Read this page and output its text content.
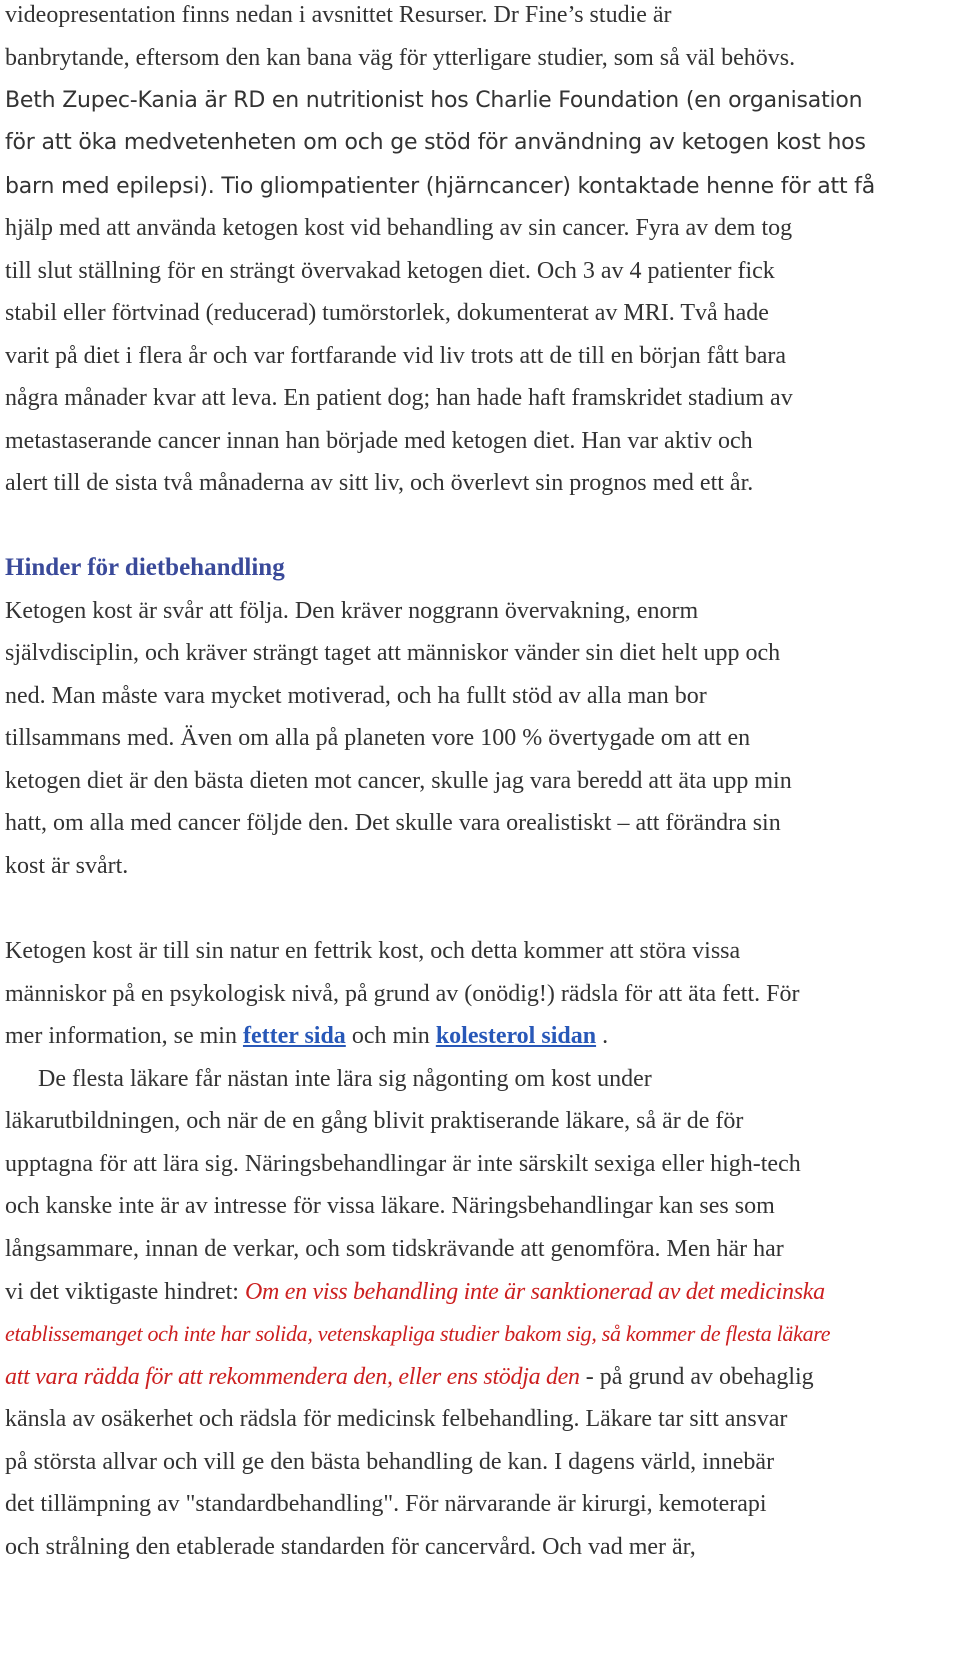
videopresentation finns nedan i avsnittet Resurser. Dr Fine’s studie är
banbrytande, eftersom den kan bana väg för ytterligare studier, som så väl behövs.
Beth Zupec-Kania är RD en nutritionist hos Charlie Foundation (en organisation
för att öka medvetenheten om och ge stöd för användning av ketogen kost hos
barn med epilepsi). Tio gliompatienter (hjärncancer) kontaktade henne för att få
hjälp med att använda ketogen kost vid behandling av sin cancer. Fyra av dem tog
till slut ställning för en strängt övervakad ketogen diet. Och 3 av 4 patienter fick
stabil eller förtvinad (reducerad) tumörstorlek, dokumenterat av MRI. Två hade
varit på diet i flera år och var fortfarande vid liv trots att de till en början fått bara
några månader kvar att leva. En patient dog; han hade haft framskridet stadium av
metastaserande cancer innan han började med ketogen diet. Han var aktiv och
alert till de sista två månaderna av sitt liv, och överlevt sin prognos med ett år.
Hinder för dietbehandling
Ketogen kost är svår att följa. Den kräver noggrann övervakning, enorm
självdisciplin, och kräver strängt taget att människor vänder sin diet helt upp och
ned. Man måste vara mycket motiverad, och ha fullt stöd av alla man bor
tillsammans med. Även om alla på planeten vore 100 % övertygade om att en
ketogen diet är den bästa dieten mot cancer, skulle jag vara beredd att äta upp min
hatt, om alla med cancer följde den. Det skulle vara orealistiskt – att förändra sin
kost är svårt.
Ketogen kost är till sin natur en fettrik kost, och detta kommer att störa vissa
människor på en psykologisk nivå, på grund av (onödig!) rädsla för att äta fett. För
mer information, se min fetter sida och min kolesterol sidan .
De flesta läkare får nästan inte lära sig någonting om kost under
läkarutbildningen, och när de en gång blivit praktiserande läkare, så är de för
upptagna för att lära sig. Näringsbehandlingar är inte särskilt sexiga eller high-tech
och kanske inte är av intresse för vissa läkare. Näringsbehandlingar kan ses som
långsammare, innan de verkar, och som tidskrävande att genomföra. Men här har
vi det viktigaste hindret: Om en viss behandling inte är sanktionerad av det medicinska
etablissemanget och inte har solida, vetenskapliga studier bakom sig, så kommer de flesta läkare
att vara rädda för att rekommendera den, eller ens stödja den - på grund av obehaglig
känsla av osäkerhet och rädsla för medicinsk felbehandling. Läkare tar sitt ansvar
på största allvar och vill ge den bästa behandling de kan. I dagens värld, innebär
det tillämpning av "standardbehandling". För närvarande är kirurgi, kemoterapi
och strålning den etablerade standarden för cancervård. Och vad mer är,
